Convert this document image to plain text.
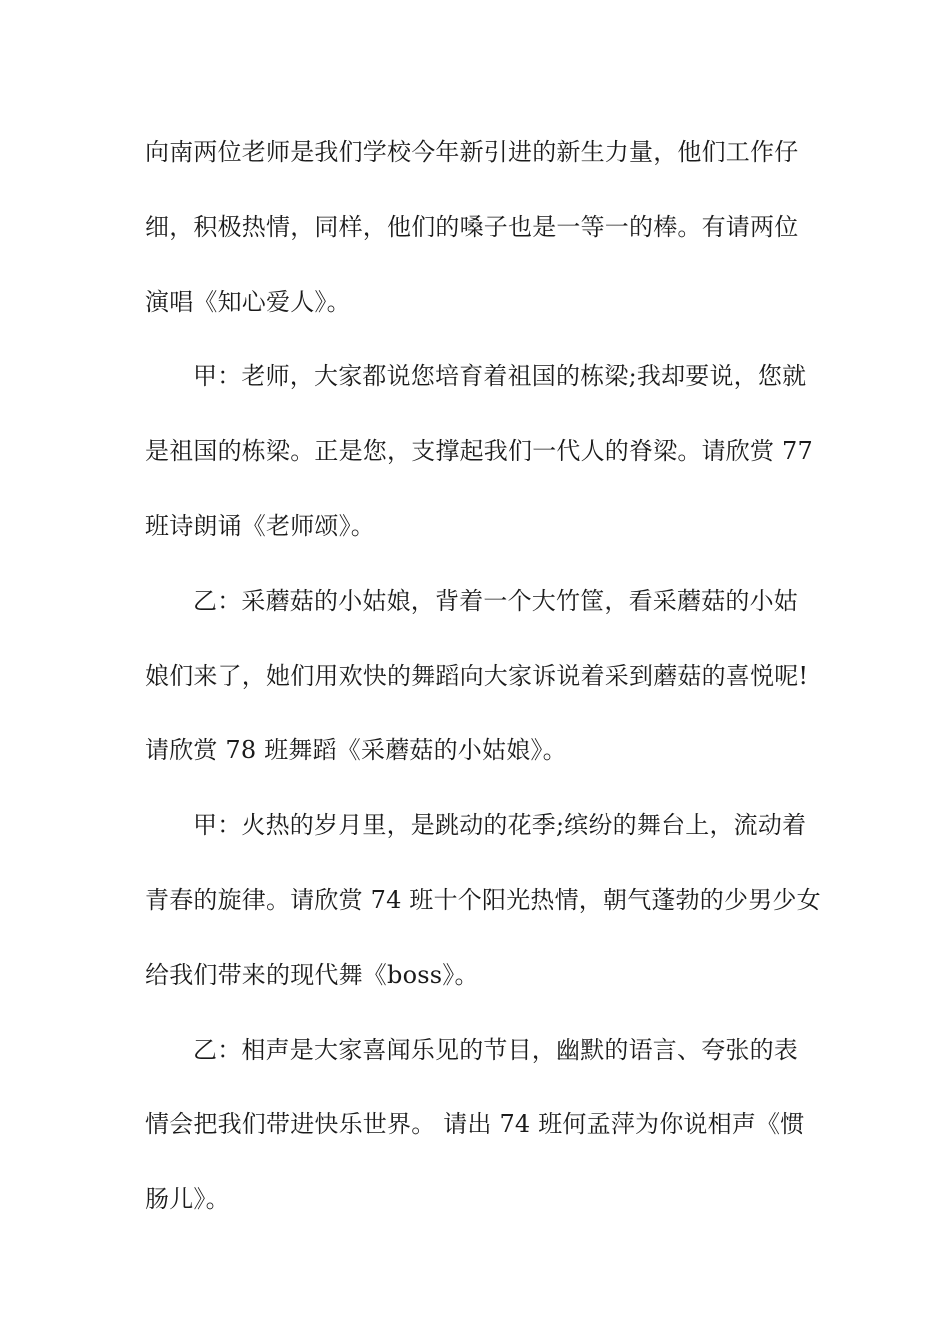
向南两位老师是我们学校今年新引进的新生力量，他们工作仔
细，积极热情，同样，他们的嗓子也是一等一的棒。有请两位
演唱《知心爱人》。
甲：老师，大家都说您培育着祖国的栋梁;我却要说，您就
是祖国的栋梁。正是您，支撑起我们一代人的脊梁。请欣赏 77
班诗朗诵《老师颂》。
乙：采蘑菇的小姑娘，背着一个大竹筐，看采蘑菇的小姑
娘们来了，她们用欢快的舞蹈向大家诉说着采到蘑菇的喜悦呢!
请欣赏 78 班舞蹈《采蘑菇的小姑娘》。
甲：火热的岁月里，是跳动的花季;缤纷的舞台上，流动着
青春的旋律。请欣赏 74 班十个阳光热情，朝气蓬勃的少男少女
给我们带来的现代舞《boss》。
乙：相声是大家喜闻乐见的节目，幽默的语言、夸张的表
情会把我们带进快乐世界。 请出 74 班何孟萍为你说相声《惯
肠儿》。
